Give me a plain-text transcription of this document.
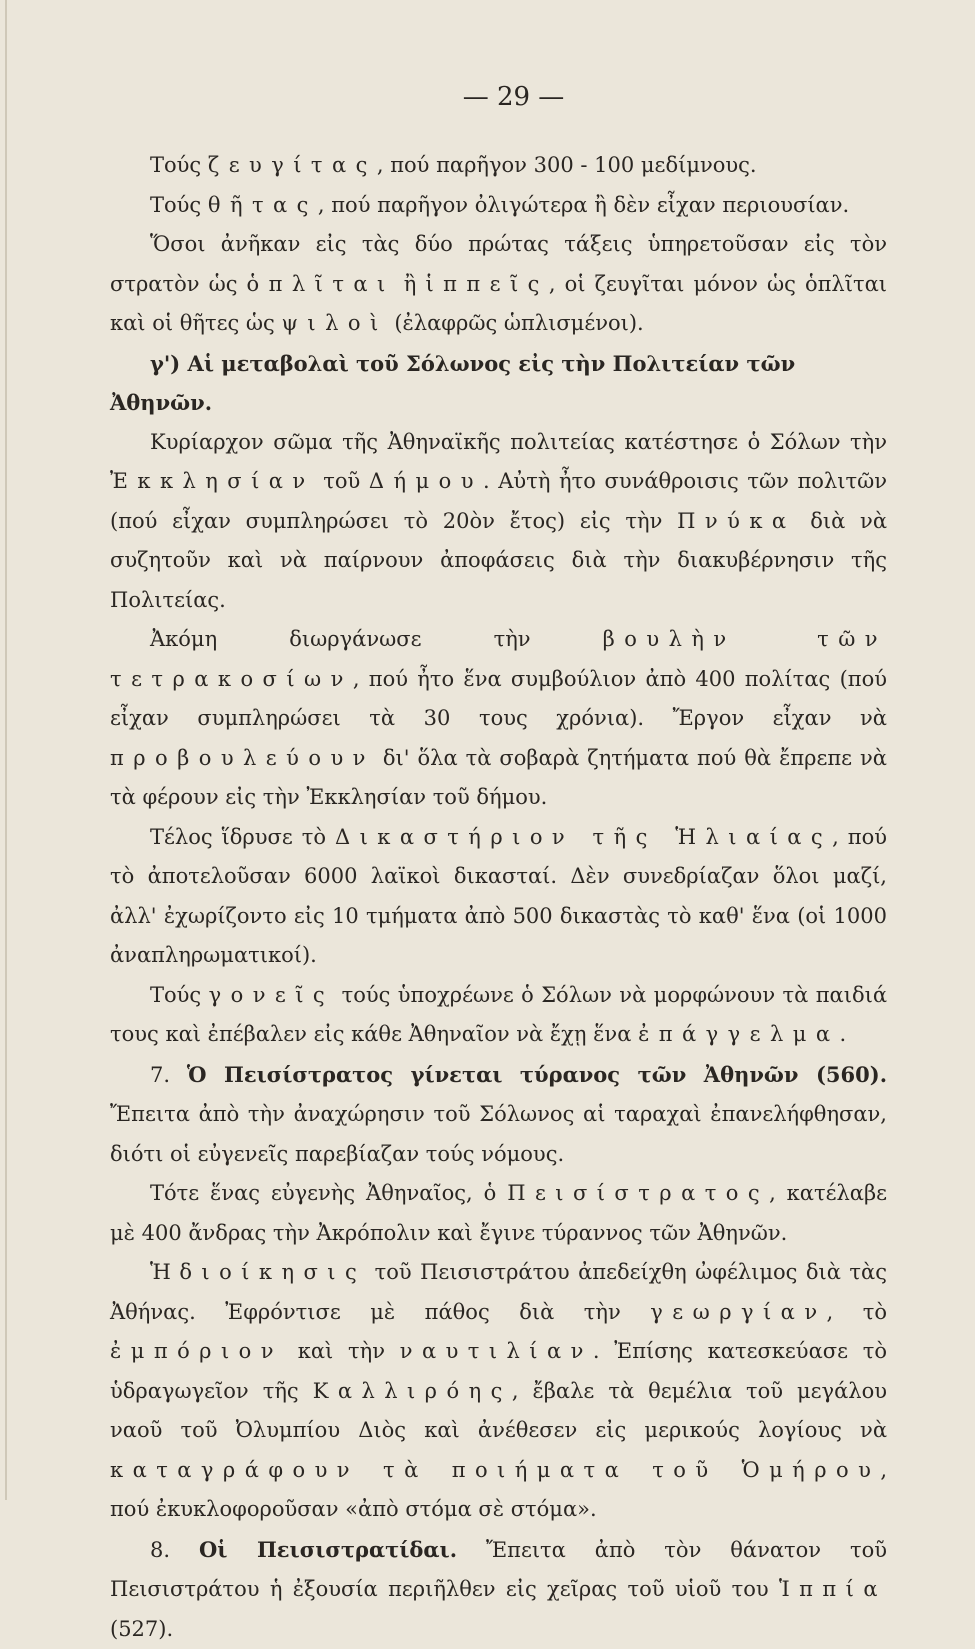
— 29 —

Τούς ζευγίτας, πού παρῆγον 300 - 100 μεδίμνους.

Τούς θῆτας, πού παρῆγον ὀλιγώτερα ἢ δὲν εἶχαν περιουσίαν.

Ὅσοι ἀνῆκαν εἰς τὰς δύο πρώτας τάξεις ὑπηρετοῦσαν εἰς τὸν στρατὸν ὡς ὁπλῖται ἢ ἱππεῖς, οἱ ζευγῖται μόνον ὡς ὁπλῖται καὶ οἱ θῆτες ὡς ψιλοὶ (ἐλαφρῶς ὡπλισμένοι).

γ') Αἱ μεταβολαὶ τοῦ Σόλωνος εἰς τὴν Πολιτείαν τῶν Ἀθηνῶν.

Κυρίαρχον σῶμα τῆς Ἀθηναϊκῆς πολιτείας κατέστησε ὁ Σόλων τὴν Ἐκκλησίαν τοῦ Δήμου. Αὐτὴ ἦτο συνάθροισις τῶν πολιτῶν (πού εἶχαν συμπληρώσει τὸ 20ὸν ἔτος) εἰς τὴν Πνύκα διὰ νὰ συζητοῦν καὶ νὰ παίρνουν ἀποφάσεις διὰ τὴν διακυβέρνησιν τῆς Πολιτείας.

Ἀκόμη διωργάνωσε τὴν βουλὴν τῶν τετρακοσίων, πού ἦτο ἕνα συμβούλιον ἀπὸ 400 πολίτας (πού εἶχαν συμπληρώσει τὰ 30 τους χρόνια). Ἔργον εἶχαν νὰ προβουλεύουν δι' ὅλα τὰ σοβαρὰ ζητήματα πού θὰ ἔπρεπε νὰ τὰ φέρουν εἰς τὴν Ἐκκλησίαν τοῦ δήμου.

Τέλος ἵδρυσε τὸ Δικαστήριον τῆς Ἡλιαίας, πού τὸ ἀποτελοῦσαν 6000 λαϊκοὶ δικασταί. Δὲν συνεδρίαζαν ὅλοι μαζί, ἀλλ' ἐχωρίζοντο εἰς 10 τμήματα ἀπὸ 500 δικαστὰς τὸ καθ' ἕνα (οἱ 1000 ἀναπληρωματικοί).

Τούς γονεῖς τούς ὑποχρέωνε ὁ Σόλων νὰ μορφώνουν τὰ παιδιά τους καὶ ἐπέβαλεν εἰς κάθε Ἀθηναῖον νὰ ἔχῃ ἕνα ἐπάγγελμα.

7. Ὁ Πεισίστρατος γίνεται τύρανος τῶν Ἀθηνῶν (560). Ἔπειτα ἀπὸ τὴν ἀναχώρησιν τοῦ Σόλωνος αἱ ταραχαὶ ἐπανελήφθησαν, διότι οἱ εὐγενεῖς παρεβίαζαν τούς νόμους.

Τότε ἕνας εὐγενὴς Ἀθηναῖος, ὁ Πεισίστρατος, κατέλαβε μὲ 400 ἄνδρας τὴν Ἀκρόπολιν καὶ ἔγινε τύραννος τῶν Ἀθηνῶν.

Ἡ διοίκησις τοῦ Πεισιστράτου ἀπεδείχθη ὠφέλιμος διὰ τὰς Ἀθήνας. Ἐφρόντισε μὲ πάθος διὰ τὴν γεωργίαν, τὸ ἐμπόριον καὶ τὴν ναυτιλίαν. Ἐπίσης κατεσκεύασε τὸ ὑδραγωγεῖον τῆς Καλλιρόης, ἔβαλε τὰ θεμέλια τοῦ μεγάλου ναοῦ τοῦ Ὀλυμπίου Διὸς καὶ ἀνέθεσεν εἰς μερικούς λογίους νὰ καταγράφουν τὰ ποιήματα τοῦ Ὁμήρου, πού ἐκυκλοφοροῦσαν «ἀπὸ στόμα σὲ στόμα».

8. Οἱ Πεισιστρατίδαι. Ἔπειτα ἀπὸ τὸν θάνατον τοῦ Πεισιστράτου ἡ ἐξουσία περιῆλθεν εἰς χεῖρας τοῦ υἱοῦ του Ἱππία (527).
